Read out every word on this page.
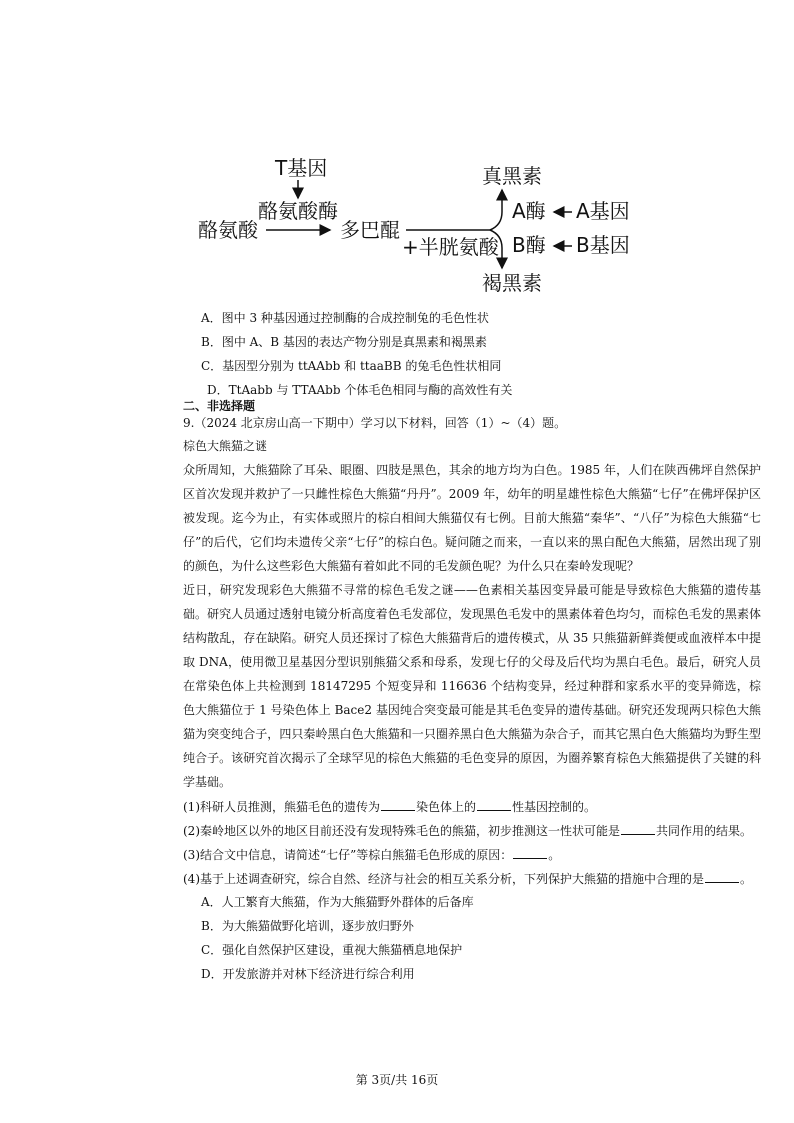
T基因
酪氨酸酶
酪氨酸	多巴醌
真黑素
+半胱氨酸
褐黑素
A酶
B酶
A基因
B基因
A．图中 3 种基因通过控制酶的合成控制兔的毛色性状
B．图中 A、B 基因的表达产物分别是真黑素和褐黑素
C．基因型分别为 ttAAbb 和 ttaaBB 的兔毛色性状相同
D．TtAabb 与 TTAAbb 个体毛色相同与酶的高效性有关
二、非选择题
9.（2024 北京房山高一下期中）学习以下材料，回答（1）~（4）题。
棕色大熊猫之谜
众所周知，大熊猫除了耳朵、眼圈、四肢是黑色，其余的地方均为白色。1985 年，人们在陕西佛坪自然保护区首次发现并救护了一只雌性棕色大熊猫“丹丹”。2009 年，幼年的明星雄性棕色大熊猫“七仔”在佛坪保护区被发现。迄今为止，有实体或照片的棕白相间大熊猫仅有七例。目前大熊猫“秦华”、“八仔”为棕色大熊猫“七仔”的后代，它们均未遗传父亲“七仔”的棕白色。疑问随之而来，一直以来的黑白配色大熊猫，居然出现了别的颜色，为什么这些彩色大熊猫有着如此不同的毛发颜色呢？为什么只在秦岭发现呢？
近日，研究发现彩色大熊猫不寻常的棕色毛发之谜——色素相关基因变异最可能是导致棕色大熊猫的遗传基础。研究人员通过透射电镜分析高度着色毛发部位，发现黑色毛发中的黑素体着色均匀，而棕色毛发的黑素体结构散乱，存在缺陷。研究人员还探讨了棕色大熊猫背后的遗传模式，从 35 只熊猫新鲜粪便或血液样本中提取 DNA，使用微卫星基因分型识别熊猫父系和母系，发现七仔的父母及后代均为黑白毛色。最后，研究人员在常染色体上共检测到 18147295 个短变异和 116636 个结构变异，经过种群和家系水平的变异筛选，棕色大熊猫位于 1 号染色体上 Bace2 基因纯合突变最可能是其毛色变异的遗传基础。研究还发现两只棕色大熊猫为突变纯合子，四只秦岭黑白色大熊猫和一只圈养黑白色大熊猫为杂合子，而其它黑白色大熊猫均为野生型纯合子。该研究首次揭示了全球罕见的棕色大熊猫的毛色变异的原因，为圈养繁育棕色大熊猫提供了关键的科学基础。
(1)科研人员推测，熊猫毛色的遗传为	染色体上的	性基因控制的。
(2)秦岭地区以外的地区目前还没有发现特殊毛色的熊猫，初步推测这一性状可能是	共同作用的结果。
(3)结合文中信息，请简述“七仔”等棕白熊猫毛色形成的原因：	。
(4)基于上述调查研究，综合自然、经济与社会的相互关系分析，下列保护大熊猫的措施中合理的是	。
A．人工繁育大熊猫，作为大熊猫野外群体的后备库
B．为大熊猫做野化培训，逐步放归野外
C．强化自然保护区建设，重视大熊猫栖息地保护
D．开发旅游并对林下经济进行综合利用
第 3页/共 16页
